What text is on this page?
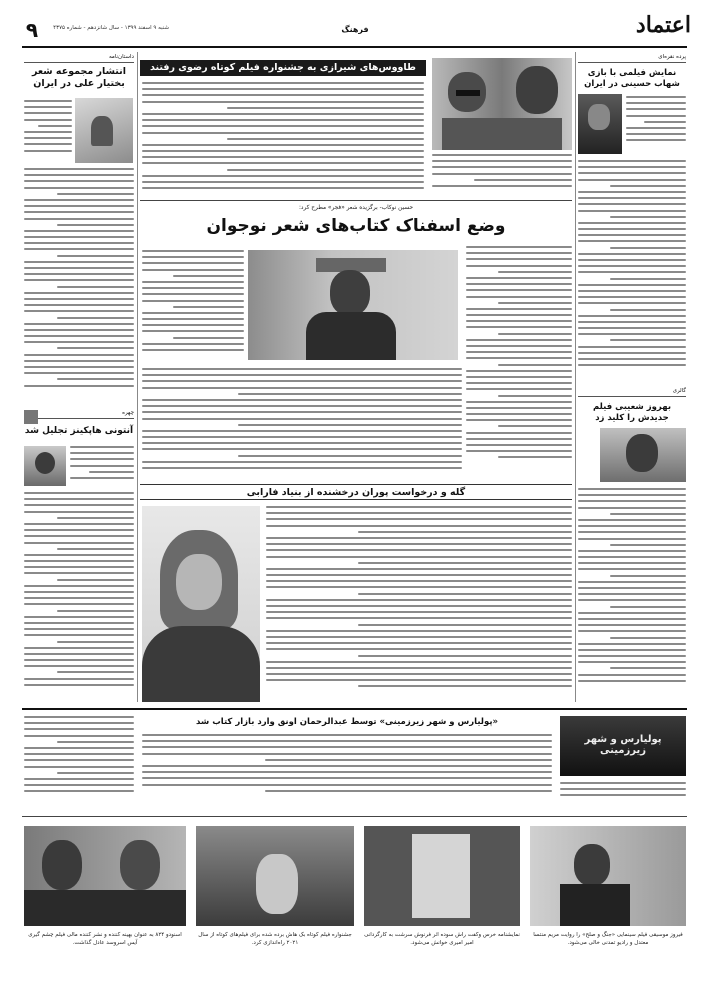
۹	شنبه ۹ اسفند ۱۳۹۹ - سال شانزدهم - شماره ۴۳۷۵	فرهنگ	اعتماد
داستان‌نامه
انتشار مجموعه شعر بختیار علی در ایران
چهره
آنتونی هاپکینز تجلیل شد
طاووس‌های شیرازی به جشنواره فیلم کوتاه رضوی رفتند
پرده نقره‌ای
نمایش فیلمی با بازی شهاب حسینی در ایران
حسین نوکاب- برگزیده‌ شعر «فجر» مطرح کرد:
وضع اسفناک کتاب‌های شعر نوجوان
گالری
بهروز شعیبی فیلم جدیدش را کلید زد
گله و درخواست پوران درخشنده از بنیاد فارابی
پولیارس و شهر زیرزمینی
«پولیارس و شهر زیرزمینی» توسط عبدالرحمان اونق وارد بازار کتاب شد
فیروز موسیقی فیلم سینمایی «جنگ و صلح» را روایت مریم منتسا معتدل و رادیو تمدنی خالی می‌شود.
نمایشنامه خرس وکفت راش سوده اثر فرنوش سرشت به کارگردانی امیر امیری خوانش می‌شود.
جشنواره فیلم کوتاه بک هاش برده شده برای فیلم‌های کوتاه از سال ۲۰۲۱ راه‌اندازی کرد.
اسنودو ۸۲۴ به عنوان بهینه کننده و نشر کننده‌ مالی فیلم چشم گیری آیس اسروسد عادل گذاشت.
